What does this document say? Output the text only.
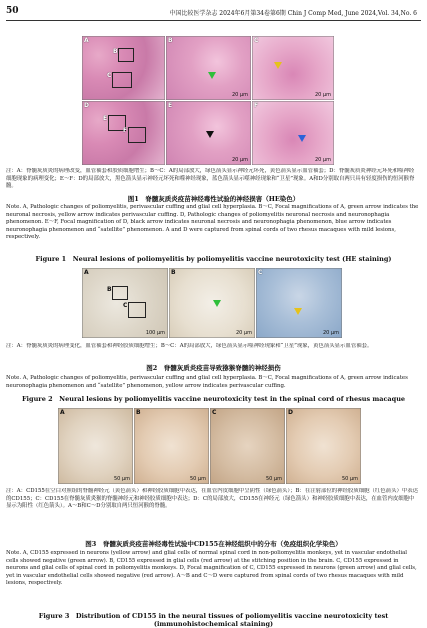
50	中国比较医学杂志 2024年6月第34卷第6期 Chin J Comp Med, June 2024,Vol. 34,No. 6
A
B
C
B
20 μm
C
20 μm
D
E
F
E
20 μm
F
20 μm
注：A：脊髓灰质炎的病理改变，血管袖套和胶质细胞增生；B～C：A的局部放大，绿色箭头显示神经元坏死，黄色箭头显示血管袖套；D：脊髓灰质炎神经元坏死和噬神经细胞现象的病理变化；E～F：D的局部放大，黑色箭头显示神经元坏死和噬神经现象，蓝色箭头显示噬神经现象和“卫星”现象。A和D分别取自两只具有轻度损伤的恒河猴脊髓。
图1　脊髓灰质炎疫苗神经毒性试验的神经损害（HE染色）
Note. A, Pathologic changes of poliomyelitis, perivascular cuffing and glial cell hyperplasia. B～C, Focal magnifications of A, green arrow indicates the neuronal necrosis, yellow arrow indicates perivascular cuffing. D, Pathologic changes of poliomyelitis neuronal necrosis and neuronophagia phenomenon. E～F, Focal magnification of D, black arrow indicates neuronal necrosis and neuronophagia phenomenon, blue arrow indicates neuronophagia phenomenon and “satellite” phenomenon. A and D were captured from spinal cords of two rhesus macaques with mild lesions, respectively.
Figure 1　Neural lesions of poliomyelitis by poliomyelitis vaccine neurotoxicity test (HE staining)
A
B
C
100 μm
B
20 μm
C
20 μm
注：A：脊髓灰质炎的病理变化，血管袖套和神经胶质细胞增生；B～C：A的局部放大，绿色箭头显示噬神经现象和“卫星”现象，黄色箭头显示血管袖套。
图2　脊髓灰质炎疫苗导致猕猴脊髓的神经损伤
Note. A, Pathologic changes of poliomyelitis, perivascular cuffing and glial cell hyperplasia. B～C, Focal magnifications of A, green arrow indicates neuronophagia phenomenon and “satellite” phenomenon, yellow arrow indicates perivascular cuffing.
Figure 2　Neural lesions by poliomyelitis vaccine neurotoxicity test in the spinal cord of rhesus macaque
A
50 μm
B
50 μm
C
50 μm
D
50 μm
注：A：CD155在空白对照组的脊髓神经元（黄色箭头）和神经胶质细胞中表达，在血管内皮细胞中呈阴性（绿色箭头）；B：在注射部位的神经胶质细胞（红色箭头）中表达的CD155；C：CD155在脊髓灰质炎猴的脊髓神经元和神经胶质细胞中表达；D：C的局部放大，CD155在神经元（绿色箭头）和神经胶质细胞中表达，在血管内皮细胞中显示为阳性（红色箭头）。A～B和C～D分别取自两只恒河猴的脊髓。
图3　脊髓灰质炎疫苗神经毒性试验中CD155在神经组织中的分布（免疫组织化学染色）
Note. A, CD155 expressed in neurons (yellow arrow) and glial cells of normal spinal cord in non-poliomyelitis monkeys, yet in vascular endothelial cells showed negative (green arrow). B, CD155 expressed in glial cells (red arrow) at the stitching position in the brain. C, CD155 expressed in neurons and glial cells of spinal cord in poliomyelitis monkeys. D, Focal magnification of C, CD155 expressed in neurons (green arrow) and glial cells, yet in vascular endothelial cells showed negative (red arrow). A～B and C～D were captured from spinal cords of two rhesus macaques with mild lesions, respectively.
Figure 3　Distribution of CD155 in the neural tissues of poliomyelitis vaccine neurotoxicity test (immunohistochemical staining)
